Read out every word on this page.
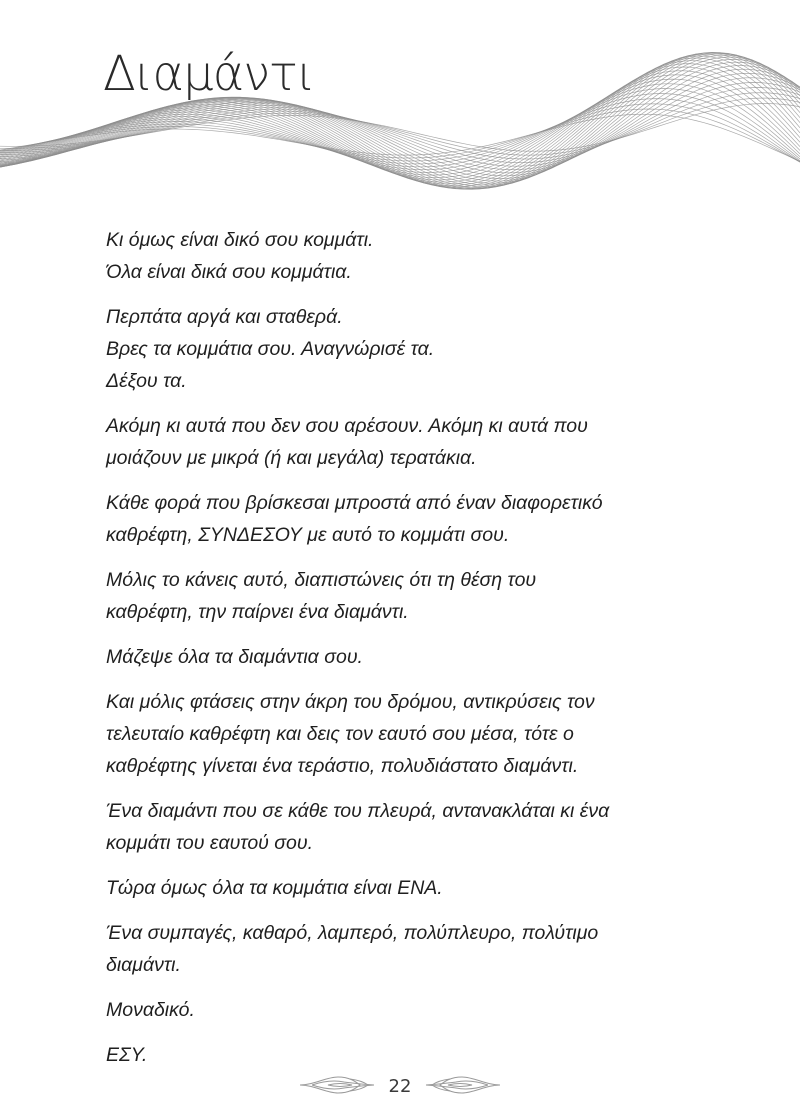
Διαμάντι
Κι όμως είναι δικό σου κομμάτι.
Όλα είναι δικά σου κομμάτια.
Περπάτα αργά και σταθερά.
Βρες τα κομμάτια σου. Αναγνώρισέ τα.
Δέξου τα.
Ακόμη κι αυτά που δεν σου αρέσουν. Ακόμη κι αυτά που
μοιάζουν με μικρά (ή και μεγάλα) τερατάκια.
Κάθε φορά που βρίσκεσαι μπροστά από έναν διαφορετικό
καθρέφτη, ΣΥΝΔΕΣΟΥ με αυτό το κομμάτι σου.
Μόλις το κάνεις αυτό, διαπιστώνεις ότι τη θέση του
καθρέφτη, την παίρνει ένα διαμάντι.
Μάζεψε όλα τα διαμάντια σου.
Και μόλις φτάσεις στην άκρη του δρόμου, αντικρύσεις τον
τελευταίο καθρέφτη και δεις τον εαυτό σου μέσα, τότε ο
καθρέφτης γίνεται ένα τεράστιο, πολυδιάστατο διαμάντι.
Ένα διαμάντι που σε κάθε του πλευρά, αντανακλάται κι ένα
κομμάτι του εαυτού σου.
Τώρα όμως όλα τα κομμάτια είναι ΕΝΑ.
Ένα συμπαγές, καθαρό, λαμπερό, πολύπλευρο, πολύτιμο
διαμάντι.
Μοναδικό.
ΕΣΥ.
22
